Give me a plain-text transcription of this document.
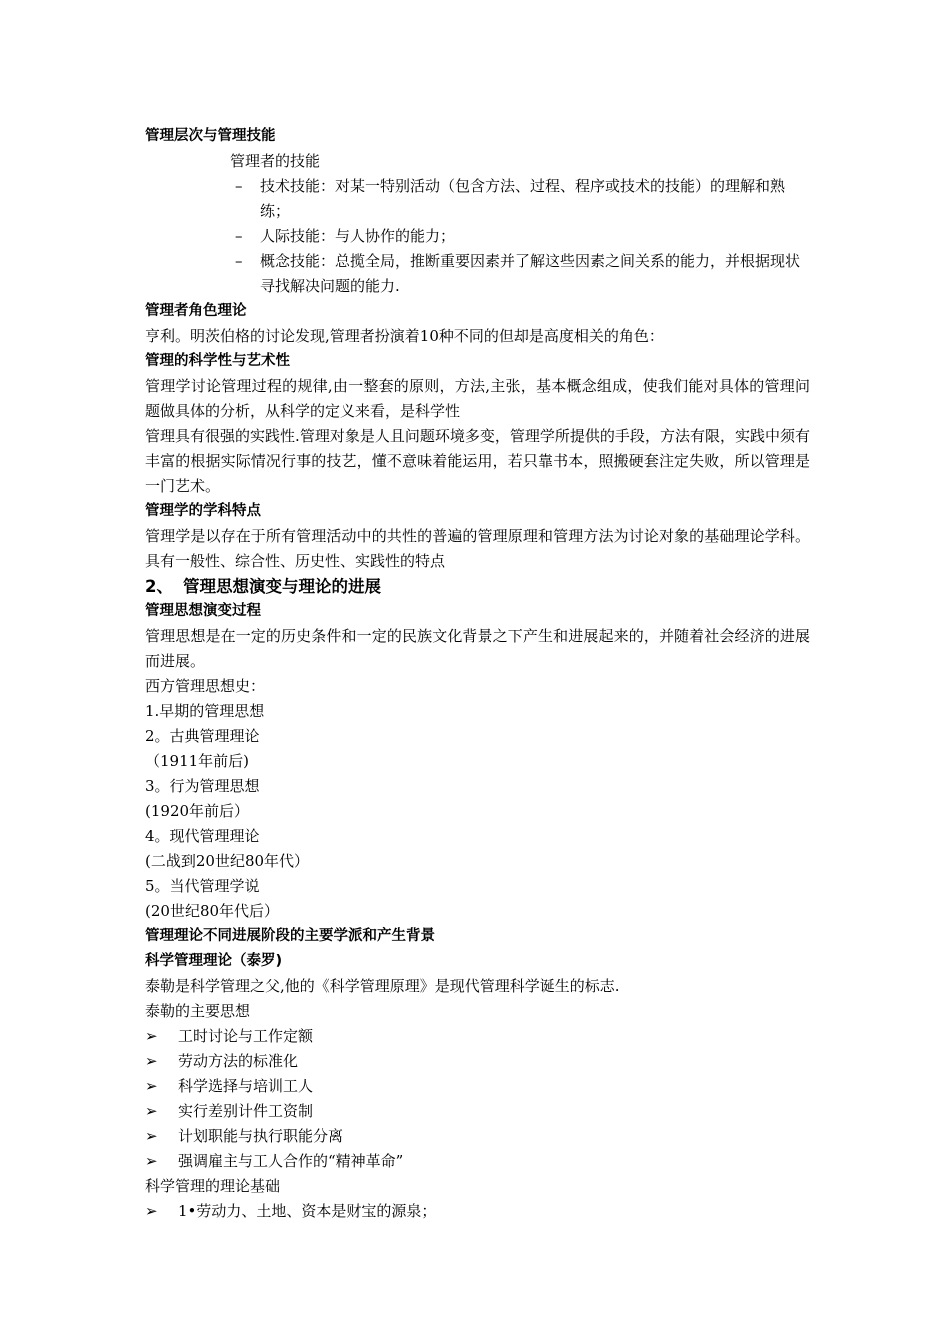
管理层次与管理技能
管理者的技能
– 技术技能：对某一特别活动（包含方法、过程、程序或技术的技能）的理解和熟练；
– 人际技能：与人协作的能力；
– 概念技能：总揽全局，推断重要因素并了解这些因素之间关系的能力，并根据现状寻找解决问题的能力.
管理者角色理论
亨利。明茨伯格的讨论发现,管理者扮演着10种不同的但却是高度相关的角色：
管理的科学性与艺术性
管理学讨论管理过程的规律,由一整套的原则，方法,主张，基本概念组成，使我们能对具体的管理问题做具体的分析，从科学的定义来看，是科学性
管理具有很强的实践性.管理对象是人且问题环境多变，管理学所提供的手段，方法有限，实践中须有丰富的根据实际情况行事的技艺，懂不意味着能运用，若只靠书本，照搬硬套注定失败，所以管理是一门艺术。
管理学的学科特点
管理学是以存在于所有管理活动中的共性的普遍的管理原理和管理方法为讨论对象的基础理论学科。具有一般性、综合性、历史性、实践性的特点
2、 管理思想演变与理论的进展
管理思想演变过程
管理思想是在一定的历史条件和一定的民族文化背景之下产生和进展起来的，并随着社会经济的进展而进展。
西方管理思想史：
1.早期的管理思想
2。古典管理理论
（1911年前后)
3。行为管理思想
(1920年前后）
4。现代管理理论
(二战到20世纪80年代）
5。当代管理学说
(20世纪80年代后）
管理理论不同进展阶段的主要学派和产生背景
科学管理理论（泰罗)
泰勒是科学管理之父,他的《科学管理原理》是现代管理科学诞生的标志.
泰勒的主要思想
➢ 工时讨论与工作定额
➢ 劳动方法的标准化
➢ 科学选择与培训工人
➢ 实行差别计件工资制
➢ 计划职能与执行职能分离
➢ 强调雇主与工人合作的“精神革命”
科学管理的理论基础
➢ 1•劳动力、土地、资本是财宝的源泉；
